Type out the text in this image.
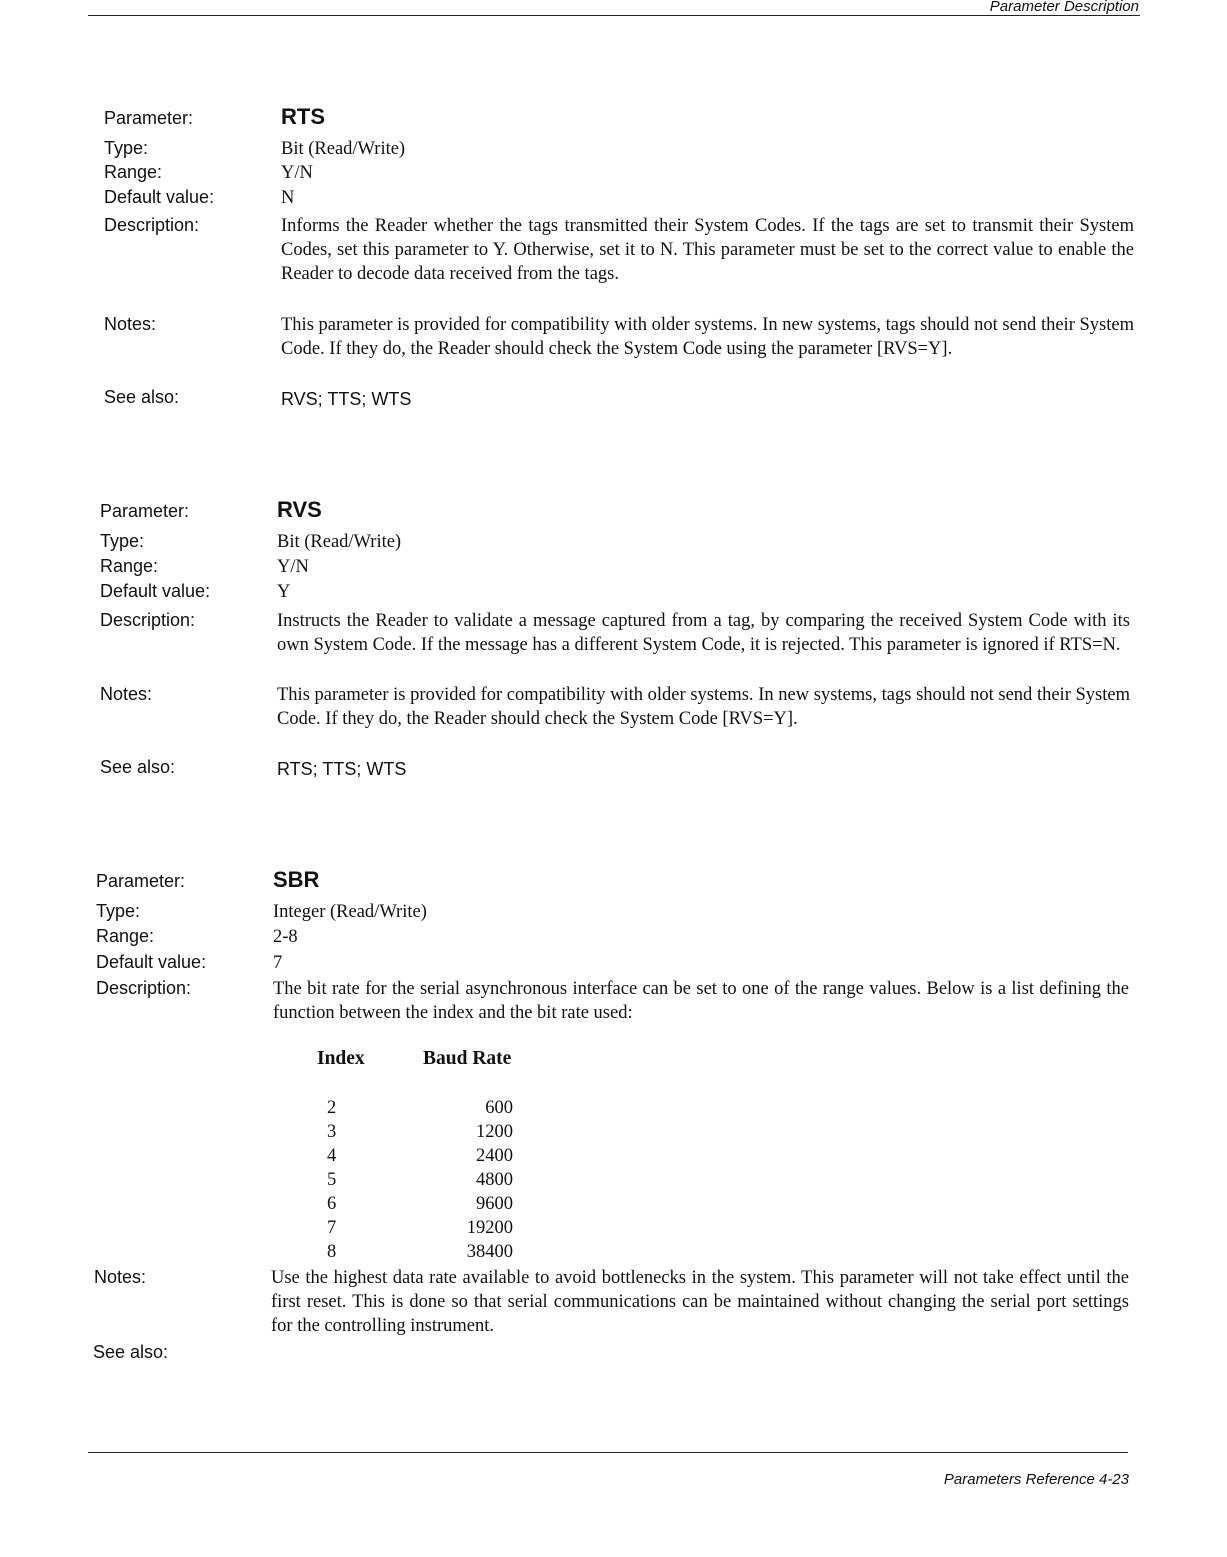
Parameter Description
Parameter:	RTS
Type:	Bit (Read/Write)
Range:	Y/N
Default value:	N
Description:	Informs the Reader whether the tags transmitted their System Codes. If the tags are set to transmit their System Codes, set this parameter to Y. Otherwise, set it to N. This parameter must be set to the correct value to enable the Reader to decode data received from the tags.
Notes:	This parameter is provided for compatibility with older systems. In new systems, tags should not send their System Code. If they do, the Reader should check the System Code using the parameter [RVS=Y].
See also:	RVS; TTS; WTS
Parameter:	RVS
Type:	Bit (Read/Write)
Range:	Y/N
Default value:	Y
Description:	Instructs the Reader to validate a message captured from a tag, by comparing the received System Code with its own System Code. If the message has a different System Code, it is rejected. This parameter is ignored if RTS=N.
Notes:	This parameter is provided for compatibility with older systems. In new systems, tags should not send their System Code. If they do, the Reader should check the System Code [RVS=Y].
See also:	RTS; TTS; WTS
Parameter:	SBR
Type:	Integer (Read/Write)
Range:	2-8
Default value:	7
Description:	The bit rate for the serial asynchronous interface can be set to one of the range values. Below is a list defining the function between the index and the bit rate used:
Index	Baud Rate
2	600
3	1200
4	2400
5	4800
6	9600
7	19200
8	38400
Notes:	Use the highest data rate available to avoid bottlenecks in the system. This parameter will not take effect until the first reset. This is done so that serial communications can be maintained without changing the serial port settings for the controlling instrument.
See also:
Parameters Reference 4-23
